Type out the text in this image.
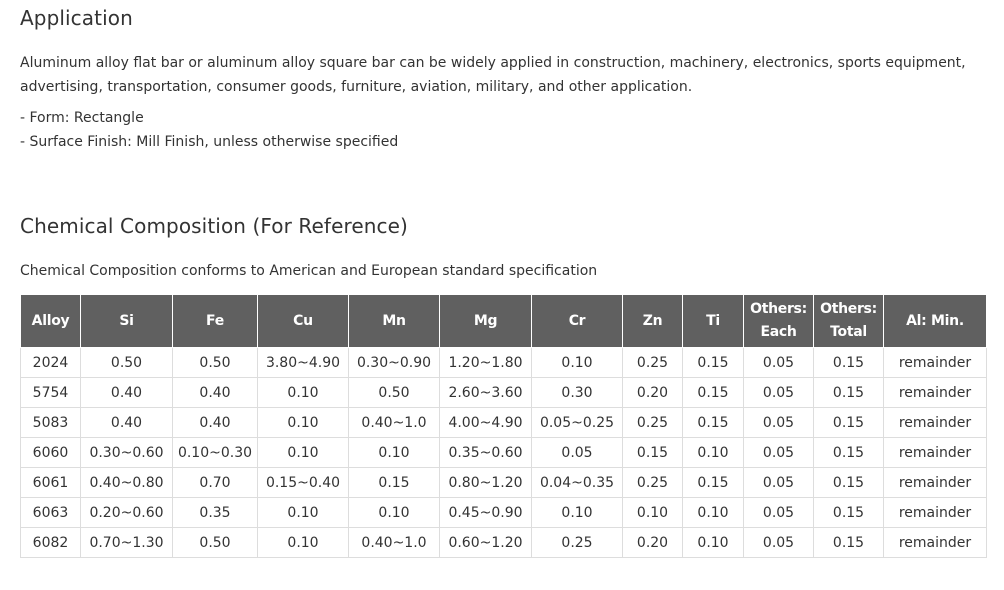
Application

Aluminum alloy flat bar or aluminum alloy square bar can be widely applied in construction, machinery, electronics, sports equipment, advertising, transportation, consumer goods, furniture, aviation, military, and other application.

- Form: Rectangle
- Surface Finish: Mill Finish, unless otherwise specified
Chemical Composition (For Reference)

Chemical Composition conforms to American and European standard specification

Alloy	Si	Fe	Cu	Mn	Mg	Cr	Zn	Ti	Others: Each	Others: Total	Al: Min.
2024	0.50	0.50	3.80~4.90	0.30~0.90	1.20~1.80	0.10	0.25	0.15	0.05	0.15	remainder
5754	0.40	0.40	0.10	0.50	2.60~3.60	0.30	0.20	0.15	0.05	0.15	remainder
5083	0.40	0.40	0.10	0.40~1.0	4.00~4.90	0.05~0.25	0.25	0.15	0.05	0.15	remainder
6060	0.30~0.60	0.10~0.30	0.10	0.10	0.35~0.60	0.05	0.15	0.10	0.05	0.15	remainder
6061	0.40~0.80	0.70	0.15~0.40	0.15	0.80~1.20	0.04~0.35	0.25	0.15	0.05	0.15	remainder
6063	0.20~0.60	0.35	0.10	0.10	0.45~0.90	0.10	0.10	0.10	0.05	0.15	remainder
6082	0.70~1.30	0.50	0.10	0.40~1.0	0.60~1.20	0.25	0.20	0.10	0.05	0.15	remainder
